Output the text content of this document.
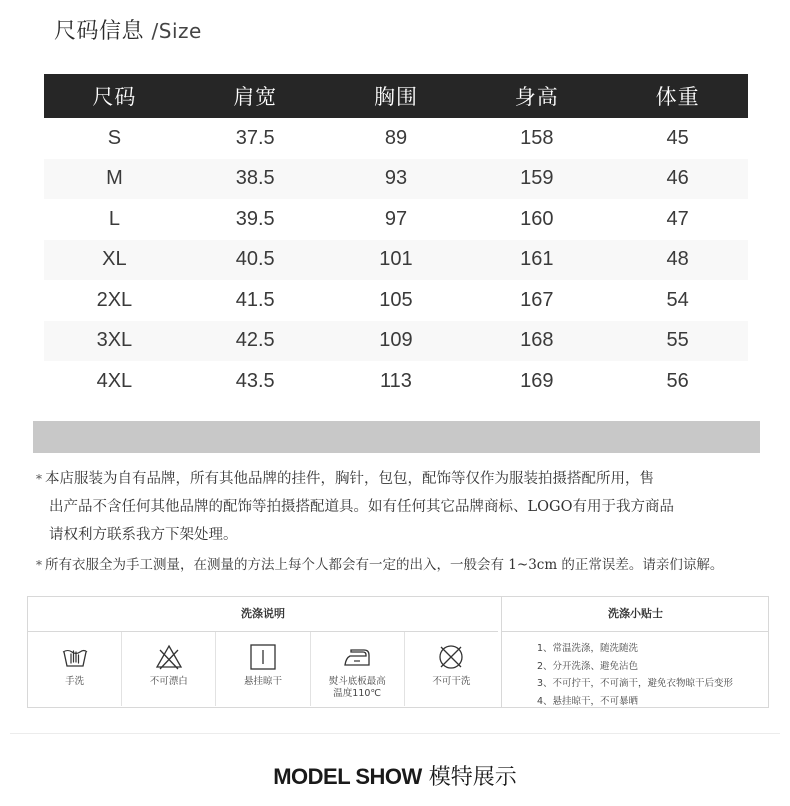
尺码信息 /Size
尺码	肩宽	胸围	身高	体重
S	37.5	89	158	45
M	38.5	93	159	46
L	39.5	97	160	47
XL	40.5	101	161	48
2XL	41.5	105	167	54
3XL	42.5	109	168	55
4XL	43.5	113	169	56
* 本店服装为自有品牌，所有其他品牌的挂件，胸针，包包，配饰等仅作为服装拍摄搭配所用，售
出产品不含任何其他品牌的配饰等拍摄搭配道具。如有任何其它品牌商标、LOGO有用于我方商品
请权利方联系我方下架处理。
* 所有衣服全为手工测量，在测量的方法上每个人都会有一定的出入，一般会有 1~3cm 的正常误差。请亲们谅解。
洗涤说明
手洗	不可漂白	悬挂晾干	熨斗底板最高
温度110℃
不可干洗
洗涤小贴士
1、常温洗涤，随洗随洗
2、分开洗涤、避免沾色
3、不可拧干，不可滴干，避免衣物晾干后变形
4、悬挂晾干，不可暴晒
MODEL SHOW 模特展示
